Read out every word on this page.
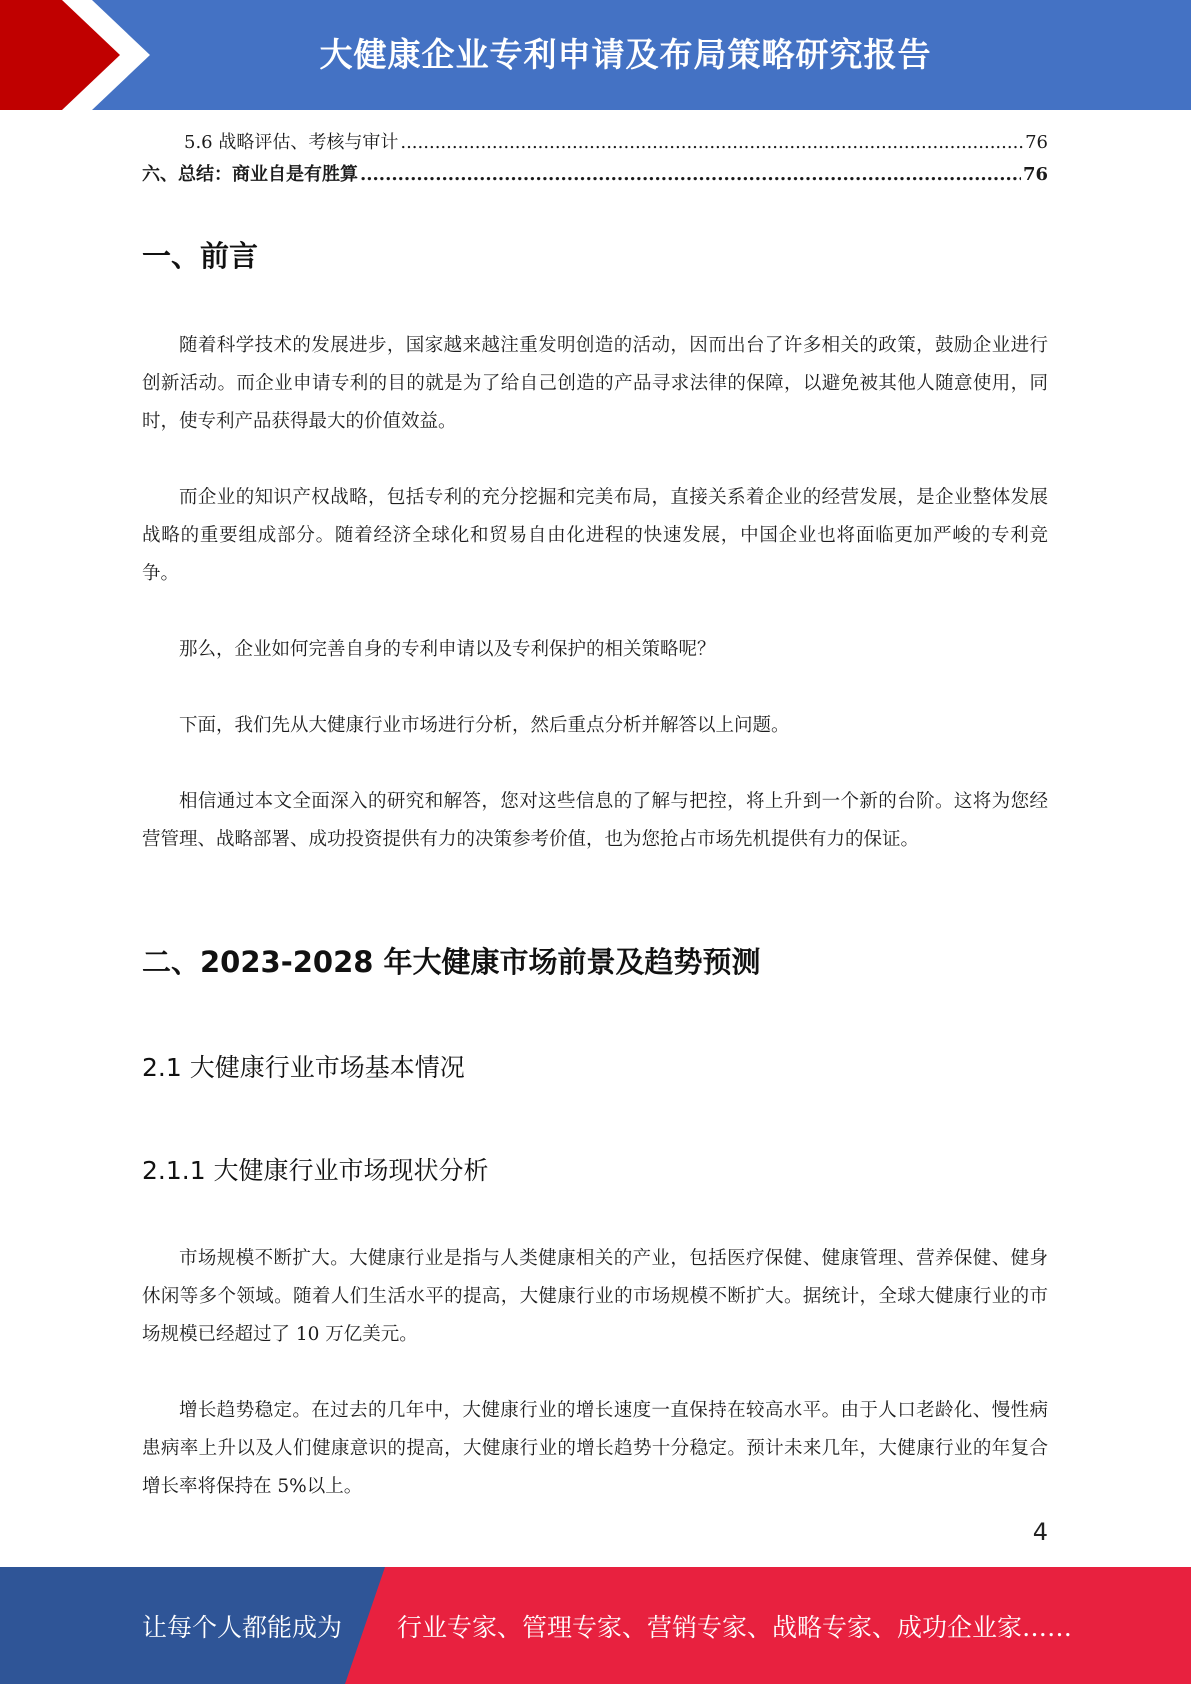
大健康企业专利申请及布局策略研究报告
5.6 战略评估、考核与审计 .....	76
六、总结：商业自是有胜算 .....	76
一、前言

随着科学技术的发展进步，国家越来越注重发明创造的活动，因而出台了许多相关的政策，鼓励企业进行创新活动。而企业申请专利的目的就是为了给自己创造的产品寻求法律的保障，以避免被其他人随意使用，同时，使专利产品获得最大的价值效益。

而企业的知识产权战略，包括专利的充分挖掘和完美布局，直接关系着企业的经营发展，是企业整体发展战略的重要组成部分。随着经济全球化和贸易自由化进程的快速发展，中国企业也将面临更加严峻的专利竞争。

那么，企业如何完善自身的专利申请以及专利保护的相关策略呢？

下面，我们先从大健康行业市场进行分析，然后重点分析并解答以上问题。

相信通过本文全面深入的研究和解答，您对这些信息的了解与把控，将上升到一个新的台阶。这将为您经营管理、战略部署、成功投资提供有力的决策参考价值，也为您抢占市场先机提供有力的保证。

二、2023-2028 年大健康市场前景及趋势预测
2.1 大健康行业市场基本情况
2.1.1 大健康行业市场现状分析

市场规模不断扩大。大健康行业是指与人类健康相关的产业，包括医疗保健、健康管理、营养保健、健身休闲等多个领域。随着人们生活水平的提高，大健康行业的市场规模不断扩大。据统计，全球大健康行业的市场规模已经超过了 10 万亿美元。

增长趋势稳定。在过去的几年中，大健康行业的增长速度一直保持在较高水平。由于人口老龄化、慢性病患病率上升以及人们健康意识的提高，大健康行业的增长趋势十分稳定。预计未来几年，大健康行业的年复合增长率将保持在 5%以上。

4
让每个人都能成为 行业专家、管理专家、营销专家、战略专家、成功企业家……
